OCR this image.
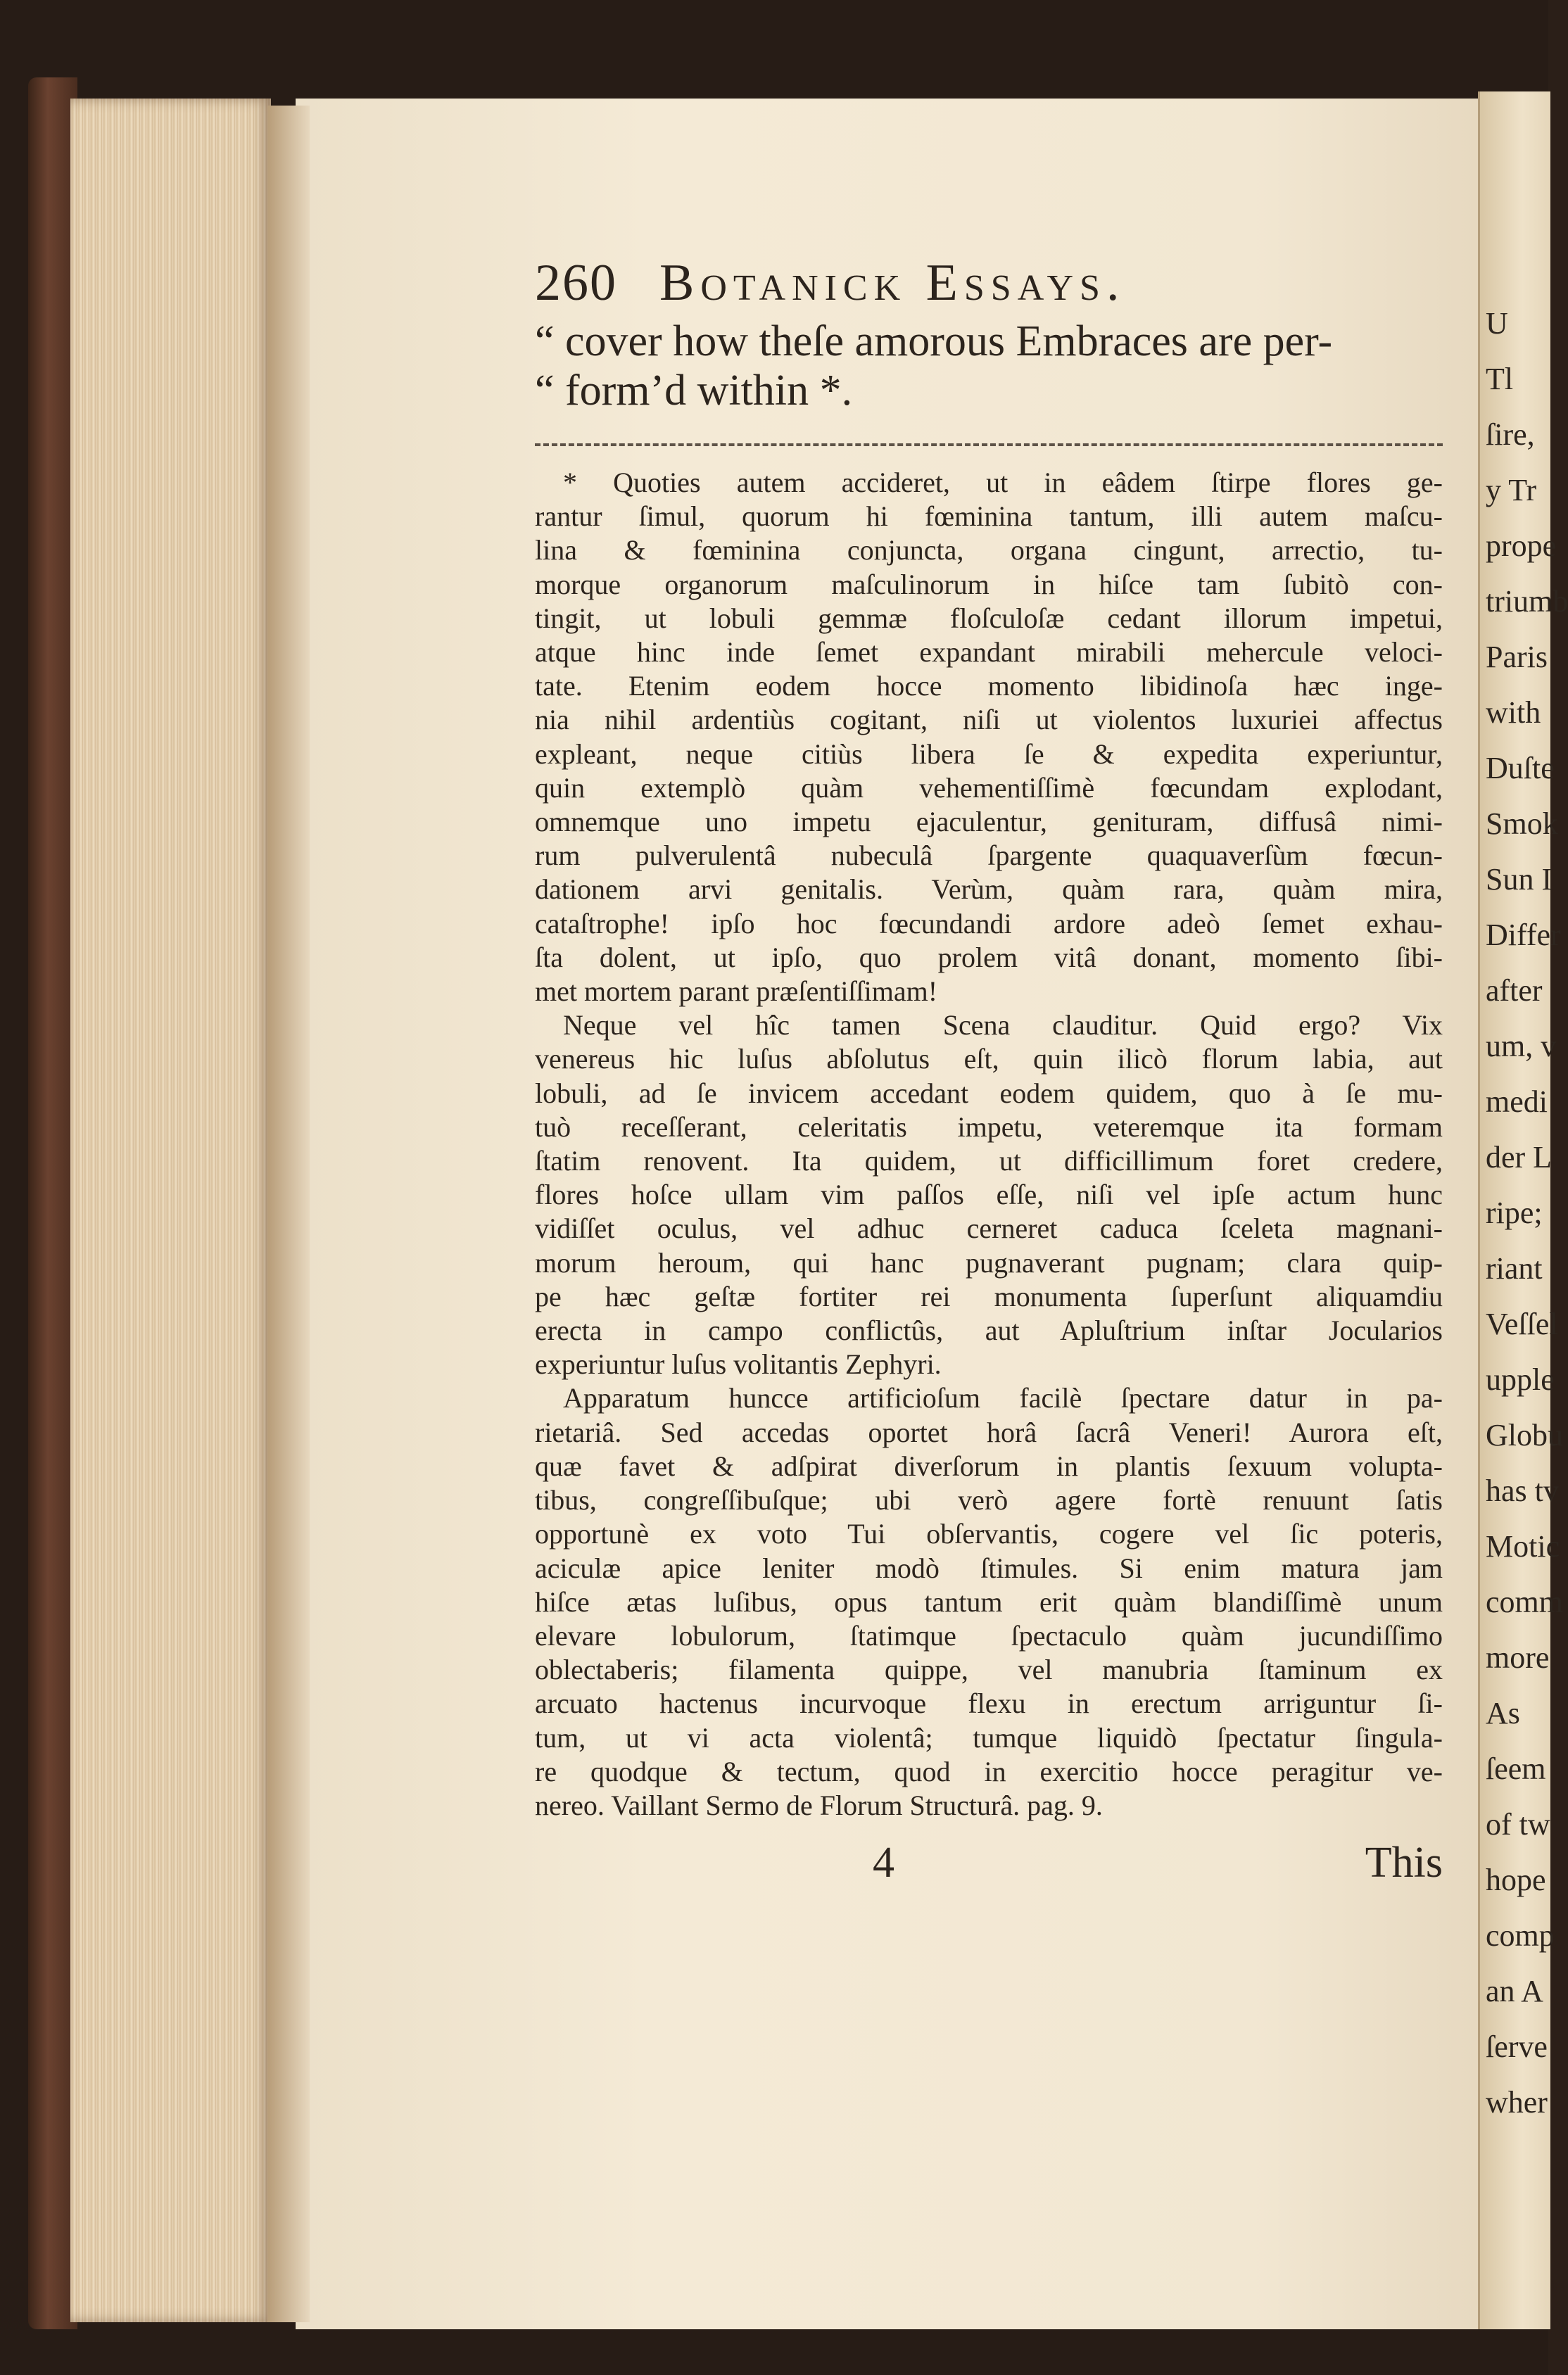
U
Tl
ſire,
y Tr
prope
triumb
Paris
with
Duſte
Smok
Sun I
Differ
after
um, v
medi
der L
ripe;
riant
Veſſel
upple
Globu
has tv
Motic
comm
more
As
ſeem
of tw
hope
comp
an A
ſerve
wher
260 Botanick Essays.
“ cover how theſe amorous Embraces are per-
“ form’d within *.
* Quoties autem accideret, ut in eâdem ſtirpe flores ge-
rantur ſimul, quorum hi fœminina tantum, illi autem maſcu-
lina & fœminina conjuncta, organa cingunt, arrectio, tu-
morque organorum maſculinorum in hiſce tam ſubitò con-
tingit, ut lobuli gemmæ floſculoſæ cedant illorum impetui,
atque hinc inde ſemet expandant mirabili mehercule veloci-
tate. Etenim eodem hocce momento libidinoſa hæc inge-
nia nihil ardentiùs cogitant, niſi ut violentos luxuriei affectus
expleant, neque citiùs libera ſe & expedita experiuntur,
quin extemplò quàm vehementiſſimè fœcundam explodant,
omnemque uno impetu ejaculentur, genituram, diffusâ nimi-
rum pulverulentâ nubeculâ ſpargente quaquaverſùm fœcun-
dationem arvi genitalis. Verùm, quàm rara, quàm mira,
cataſtrophe! ipſo hoc fœcundandi ardore adeò ſemet exhau-
ſta dolent, ut ipſo, quo prolem vitâ donant, momento ſibi-
met mortem parant præſentiſſimam!
Neque vel hîc tamen Scena clauditur. Quid ergo? Vix
venereus hic luſus abſolutus eſt, quin ilicò florum labia, aut
lobuli, ad ſe invicem accedant eodem quidem, quo à ſe mu-
tuò receſſerant, celeritatis impetu, veteremque ita formam
ſtatim renovent. Ita quidem, ut difficillimum foret credere,
flores hoſce ullam vim paſſos eſſe, niſi vel ipſe actum hunc
vidiſſet oculus, vel adhuc cerneret caduca ſceleta magnani-
morum heroum, qui hanc pugnaverant pugnam; clara quip-
pe hæc geſtæ fortiter rei monumenta ſuperſunt aliquamdiu
erecta in campo conflictûs, aut Apluſtrium inſtar Jocularios
experiuntur luſus volitantis Zephyri.
Apparatum huncce artificioſum facilè ſpectare datur in pa-
rietariâ. Sed accedas oportet horâ ſacrâ Veneri! Aurora eſt,
quæ favet & adſpirat diverſorum in plantis ſexuum volupta-
tibus, congreſſibuſque; ubi verò agere fortè renuunt ſatis
opportunè ex voto Tui obſervantis, cogere vel ſic poteris,
aciculæ apice leniter modò ſtimules. Si enim matura jam
hiſce ætas luſibus, opus tantum erit quàm blandiſſimè unum
elevare lobulorum, ſtatimque ſpectaculo quàm jucundiſſimo
oblectaberis; filamenta quippe, vel manubria ſtaminum ex
arcuato hactenus incurvoque flexu in erectum arriguntur ſi-
tum, ut vi acta violentâ; tumque liquidò ſpectatur ſingula-
re quodque & tectum, quod in exercitio hocce peragitur ve-
nereo. Vaillant Sermo de Florum Structurâ. pag. 9.
4	This
